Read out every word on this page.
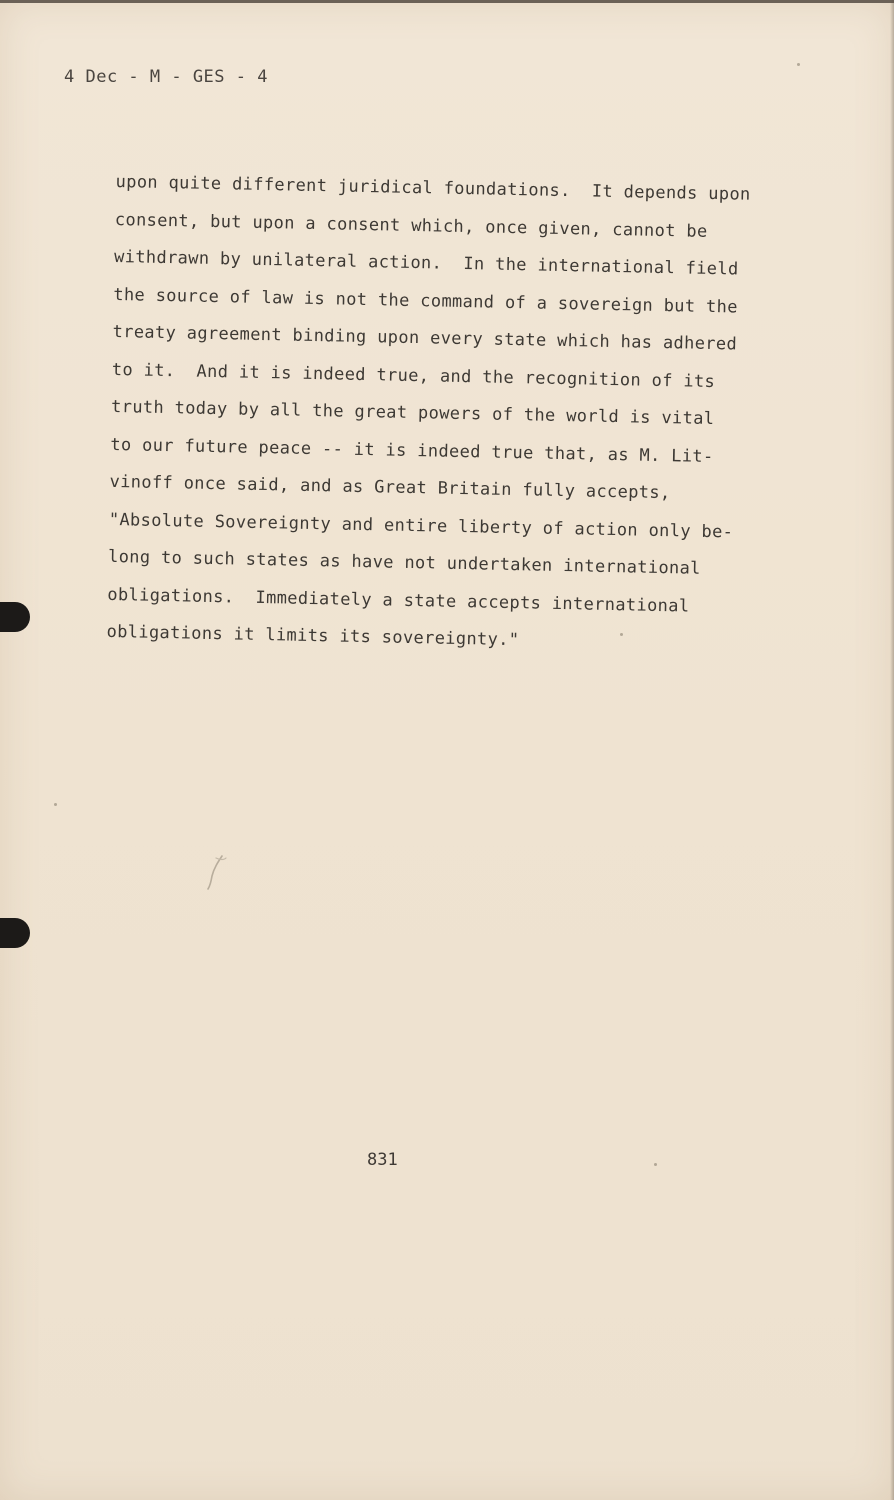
4 Dec - M - GES - 4
upon quite different juridical foundations.  It depends upon
consent, but upon a consent which, once given, cannot be
withdrawn by unilateral action.  In the international field
the source of law is not the command of a sovereign but the
treaty agreement binding upon every state which has adhered
to it.  And it is indeed true, and the recognition of its
truth today by all the great powers of the world is vital
to our future peace -- it is indeed true that, as M. Lit-
vinoff once said, and as Great Britain fully accepts,
"Absolute Sovereignty and entire liberty of action only be-
long to such states as have not undertaken international
obligations.  Immediately a state accepts international
obligations it limits its sovereignty."
831
